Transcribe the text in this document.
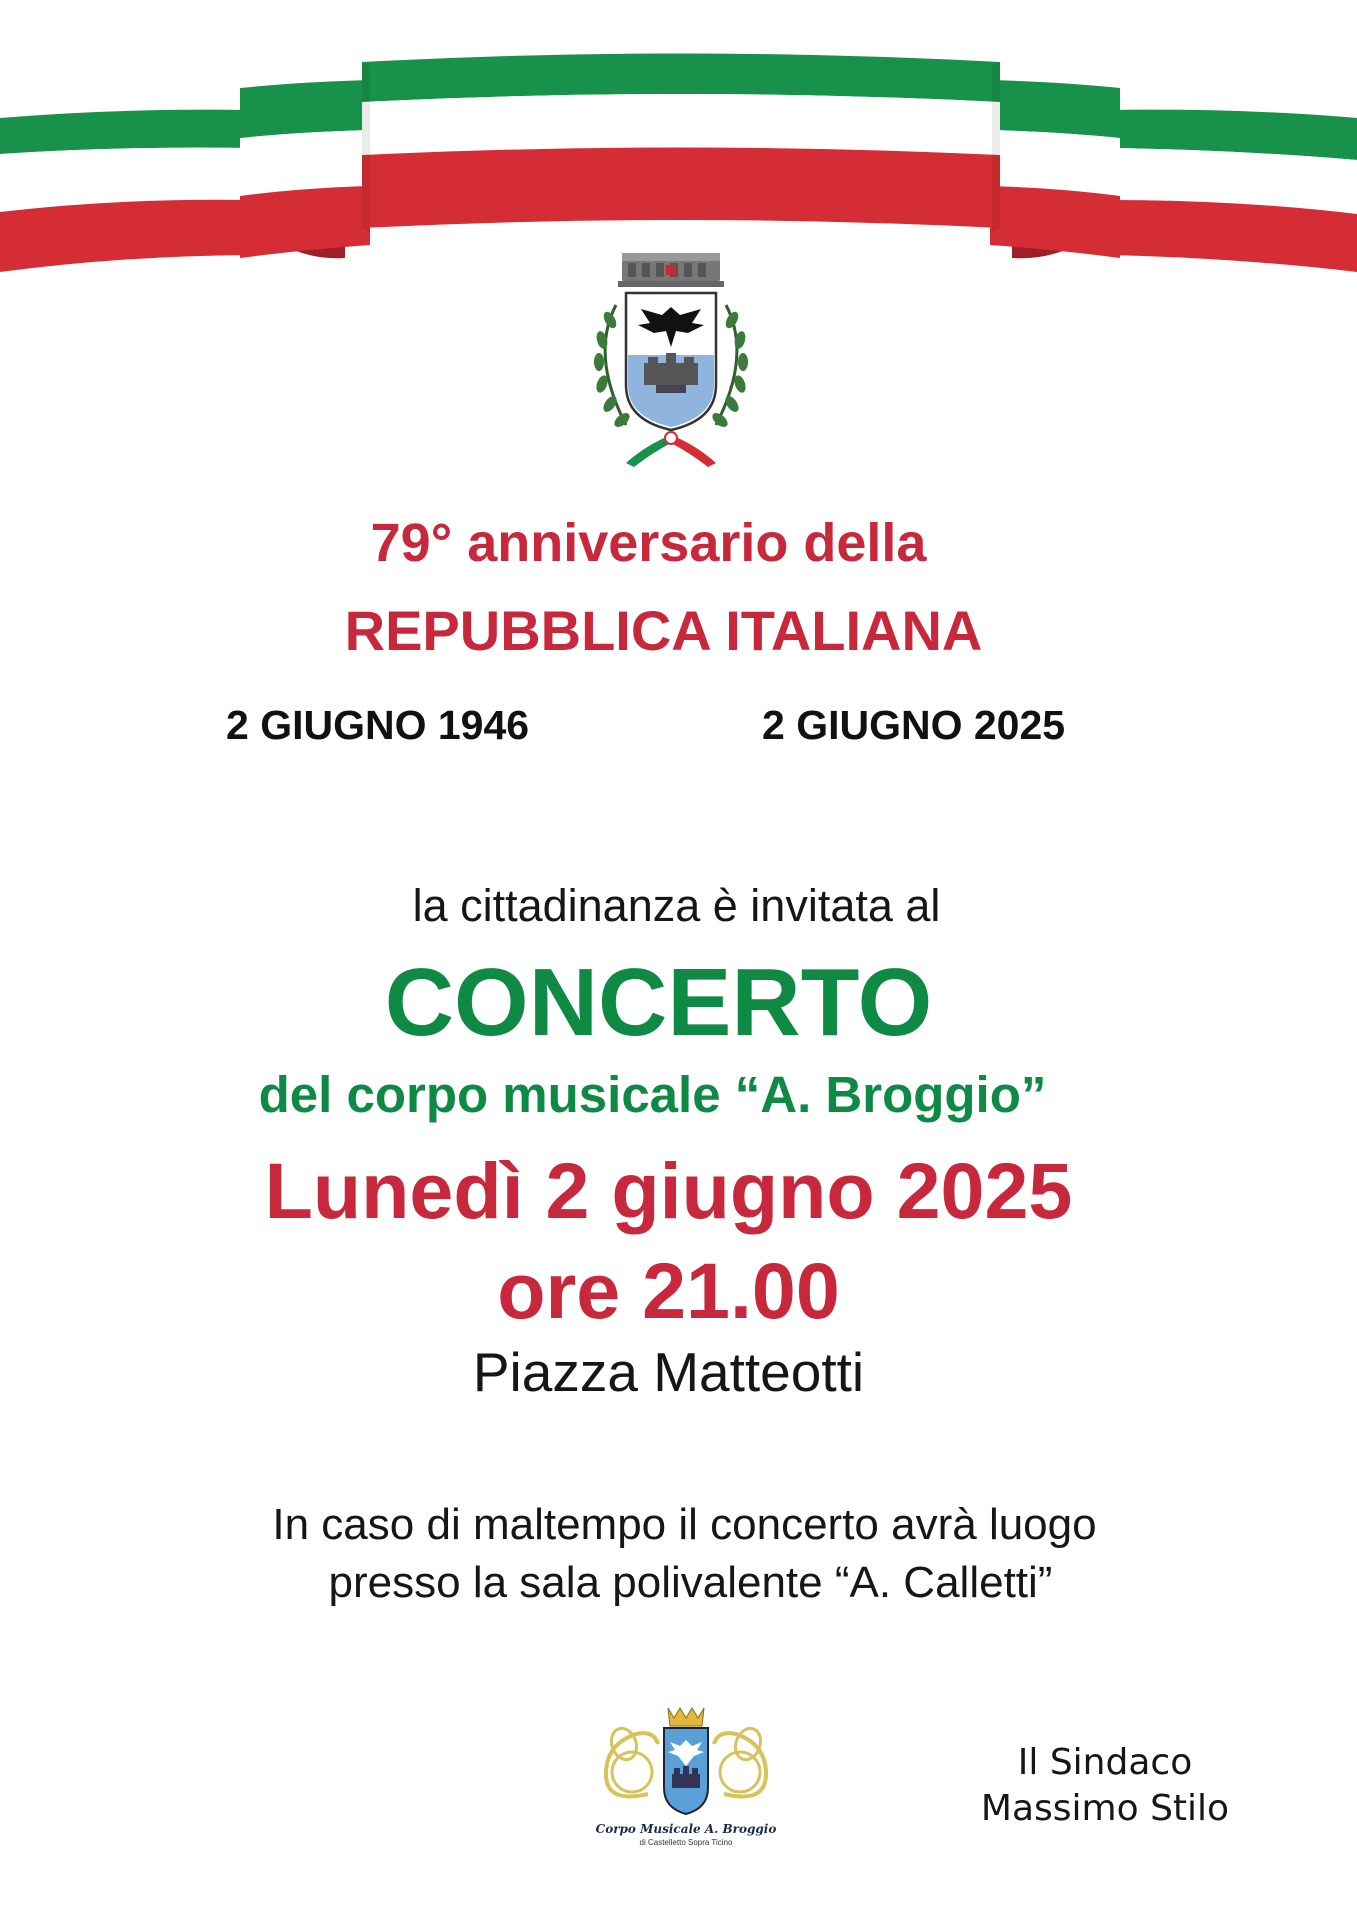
79° anniversario della
REPUBBLICA ITALIANA
2 GIUGNO 1946	2 GIUGNO 2025
la cittadinanza è invitata al
CONCERTO
del corpo musicale “A. Broggio”
Lunedì 2 giugno 2025
ore 21.00
Piazza Matteotti
In caso di maltempo il concerto avrà luogo
presso la sala polivalente “A. Calletti”
Corpo Musicale A. Broggio
di Castelletto Sopra Ticino
Il Sindaco
Massimo Stilo
